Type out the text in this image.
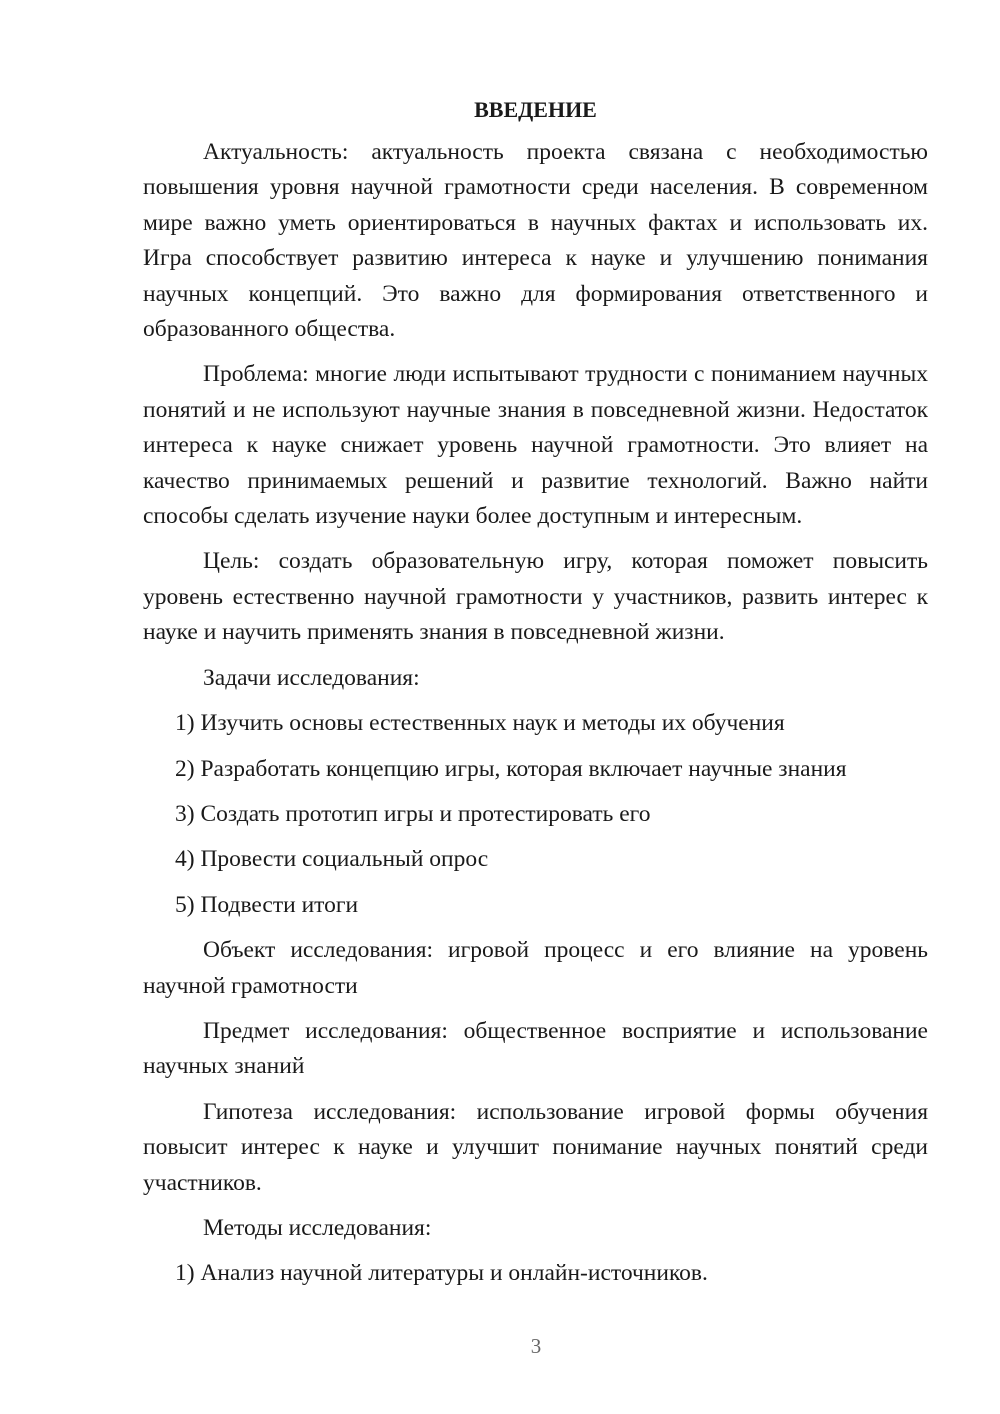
ВВЕДЕНИЕ
Актуальность: актуальность проекта связана с необходимостью повышения уровня научной грамотности среди населения. В современном мире важно уметь ориентироваться в научных фактах и использовать их. Игра способствует развитию интереса к науке и улучшению понимания научных концепций. Это важно для формирования ответственного и образованного общества.
Проблема: многие люди испытывают трудности с пониманием научных понятий и не используют научные знания в повседневной жизни. Недостаток интереса к науке снижает уровень научной грамотности. Это влияет на качество принимаемых решений и развитие технологий. Важно найти способы сделать изучение науки более доступным и интересным.
Цель: создать образовательную игру, которая поможет повысить уровень естественно научной грамотности у участников, развить интерес к науке и научить применять знания в повседневной жизни.
Задачи исследования:
1) Изучить основы естественных наук и методы их обучения
2) Разработать концепцию игры, которая включает научные знания
3) Создать прототип игры и протестировать его
4) Провести социальный опрос
5) Подвести итоги
Объект исследования: игровой процесс и его влияние на уровень научной грамотности
Предмет исследования: общественное восприятие и использование научных знаний
Гипотеза исследования: использование игровой формы обучения повысит интерес к науке и улучшит понимание научных понятий среди участников.
Методы исследования:
1) Анализ научной литературы и онлайн-источников.
3
